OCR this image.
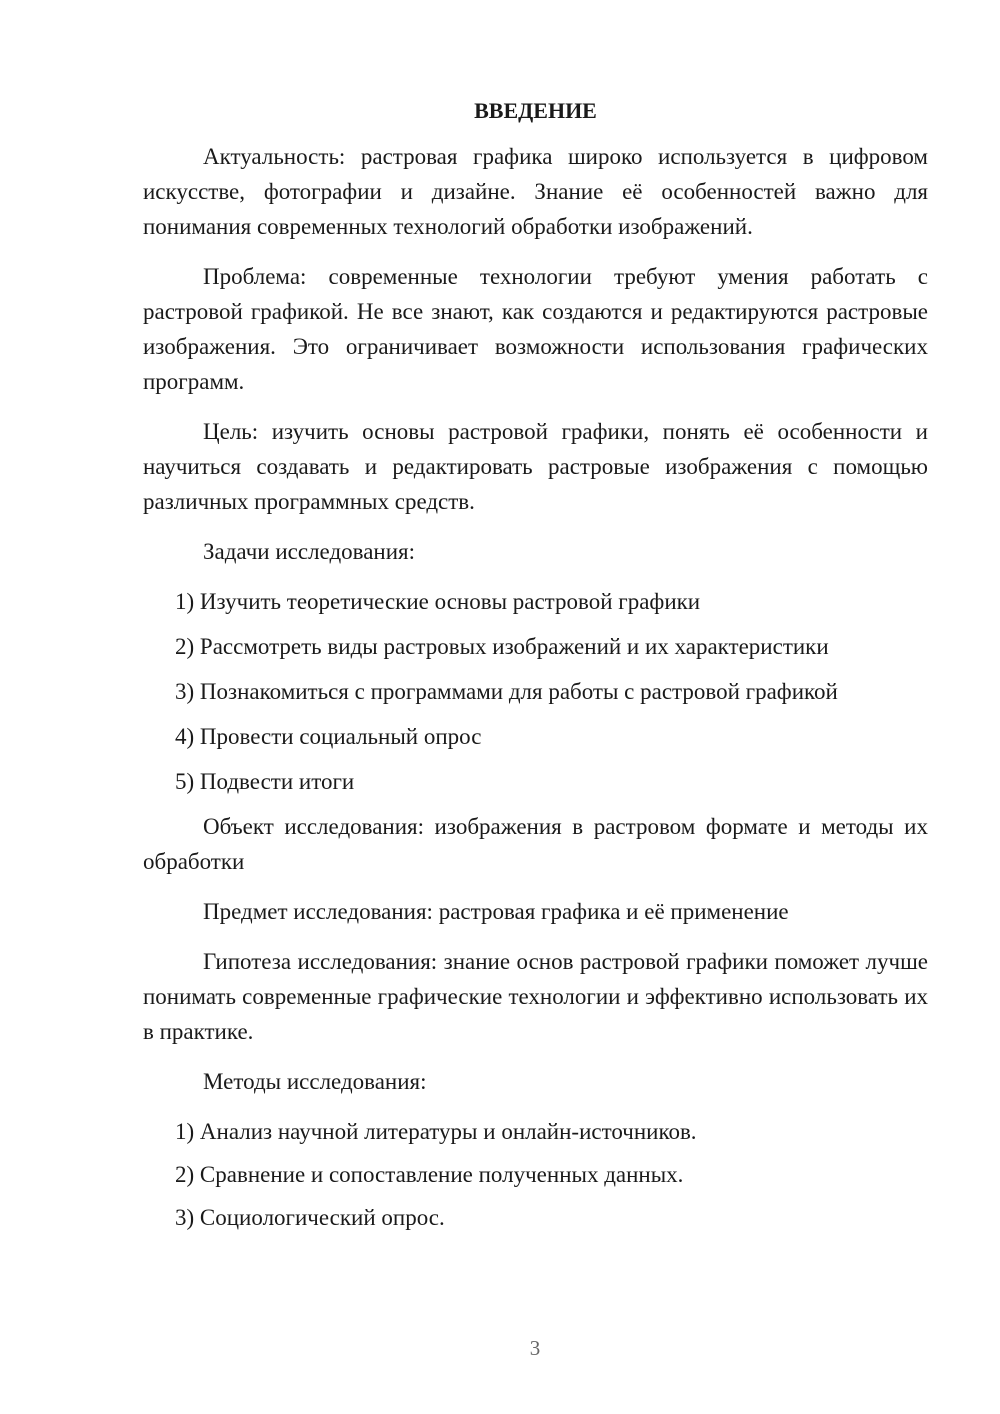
ВВЕДЕНИЕ

Актуальность: растровая графика широко используется в цифровом искусстве, фотографии и дизайне. Знание её особенностей важно для понимания современных технологий обработки изображений.

Проблема: современные технологии требуют умения работать с растровой графикой. Не все знают, как создаются и редактируются растровые изображения. Это ограничивает возможности использования графических программ.

Цель: изучить основы растровой графики, понять её особенности и научиться создавать и редактировать растровые изображения с помощью различных программных средств.

Задачи исследования:

1) Изучить теоретические основы растровой графики
2) Рассмотреть виды растровых изображений и их характеристики
3) Познакомиться с программами для работы с растровой графикой
4) Провести социальный опрос
5) Подвести итоги

Объект исследования: изображения в растровом формате и методы их обработки

Предмет исследования: растровая графика и её применение

Гипотеза исследования: знание основ растровой графики поможет лучше понимать современные графические технологии и эффективно использовать их в практике.

Методы исследования:

1) Анализ научной литературы и онлайн-источников.
2) Сравнение и сопоставление полученных данных.
3) Социологический опрос.
3
